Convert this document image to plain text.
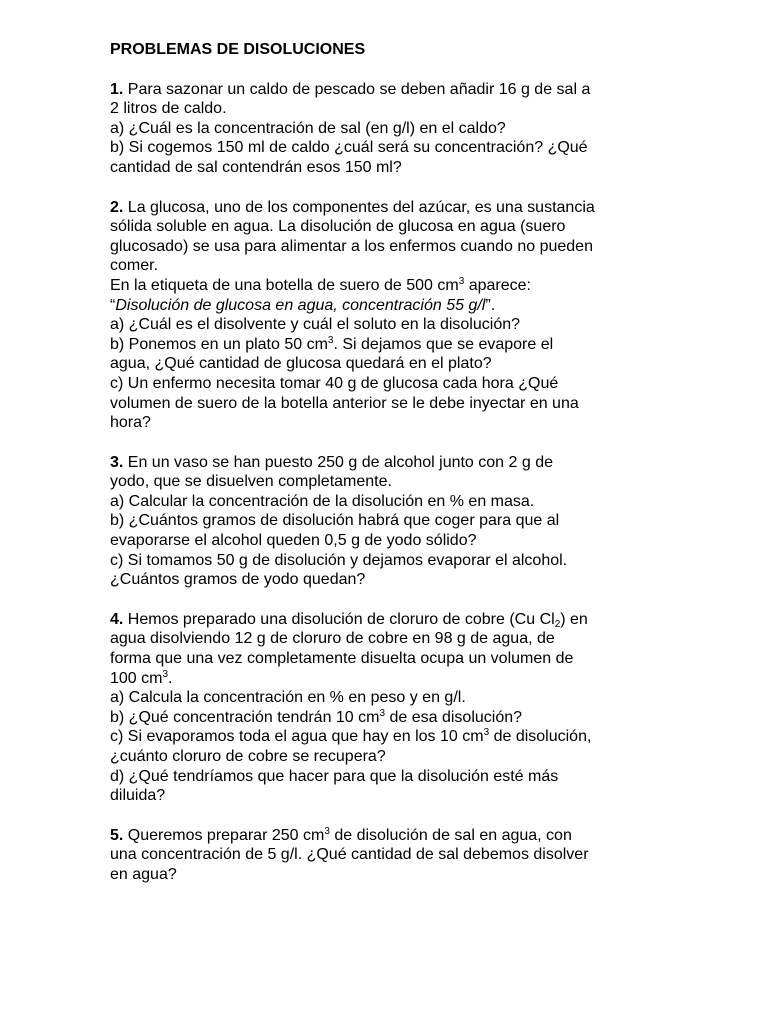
PROBLEMAS DE DISOLUCIONES

1. Para sazonar un caldo de pescado se deben añadir 16 g de sal a

2 litros de caldo.

a) ¿Cuál es la concentración de sal (en g/l) en el caldo?

b) Si cogemos 150 ml de caldo ¿cuál será su concentración? ¿Qué

cantidad de sal contendrán esos 150 ml?

2. La glucosa, uno de los componentes del azúcar, es una sustancia

sólida soluble en agua. La disolución de glucosa en agua (suero

glucosado) se usa para alimentar a los enfermos cuando no pueden

comer.

En la etiqueta de una botella de suero de 500 $cm^3$ aparece:

“Disolución de glucosa en agua, concentración 55 g/l”.

a) ¿Cuál es el disolvente y cuál el soluto en la disolución?

b) Ponemos en un plato 50 $cm^3$. Si dejamos que se evapore el

agua, ¿Qué cantidad de glucosa quedará en el plato?

c) Un enfermo necesita tomar 40 g de glucosa cada hora ¿Qué

volumen de suero de la botella anterior se le debe inyectar en una

hora?

3. En un vaso se han puesto 250 g de alcohol junto con 2 g de

yodo, que se disuelven completamente.

a) Calcular la concentración de la disolución en % en masa.

b) ¿Cuántos gramos de disolución habrá que coger para que al

evaporarse el alcohol queden 0,5 g de yodo sólido?

c) Si tomamos 50 g de disolución y dejamos evaporar el alcohol.

¿Cuántos gramos de yodo quedan?

4. Hemos preparado una disolución de cloruro de cobre (Cu $Cl_2$) en

agua disolviendo 12 g de cloruro de cobre en 98 g de agua, de

forma que una vez completamente disuelta ocupa un volumen de

100 $cm^3$.

a) Calcula la concentración en % en peso y en g/l.

b) ¿Qué concentración tendrán 10 $cm^3$ de esa disolución?

c) Si evaporamos toda el agua que hay en los 10 $cm^3$ de disolución,

¿cuánto cloruro de cobre se recupera?

d) ¿Qué tendríamos que hacer para que la disolución esté más

diluida?

5. Queremos preparar 250 $cm^3$ de disolución de sal en agua, con

una concentración de 5 g/l. ¿Qué cantidad de sal debemos disolver

en agua?
